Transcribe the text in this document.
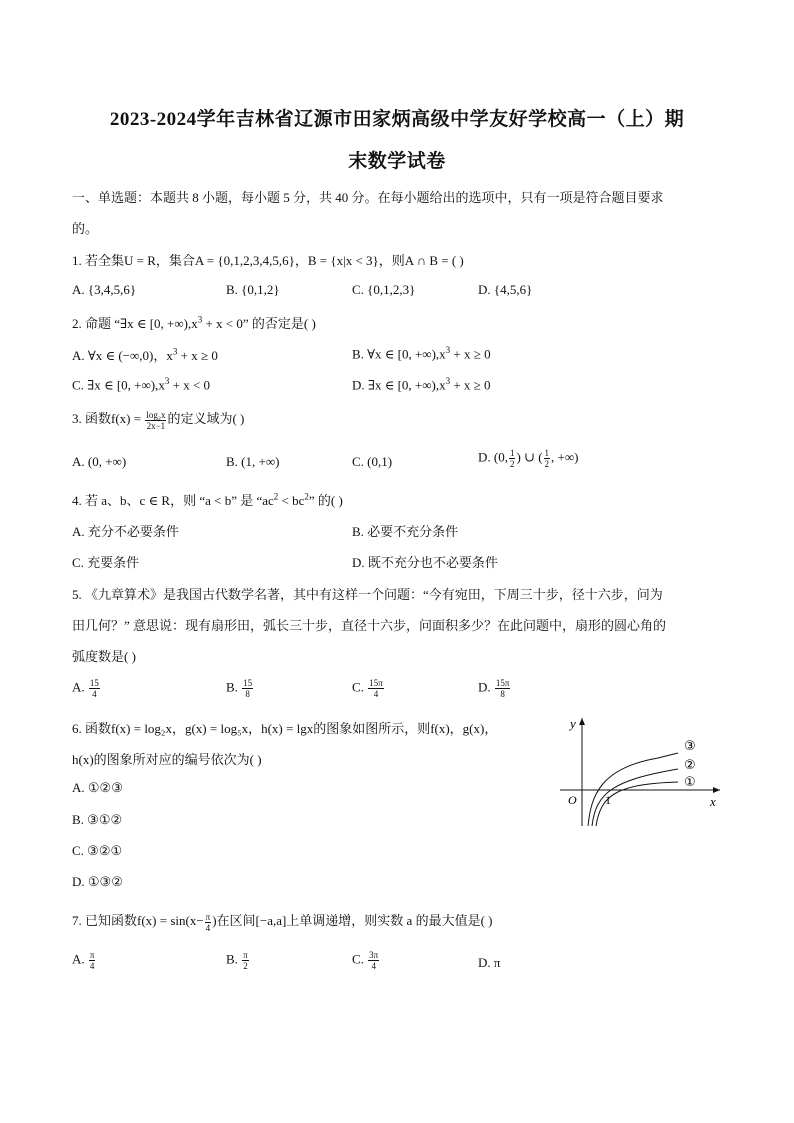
2023-2024学年吉林省辽源市田家炳高级中学友好学校高一（上）期
末数学试卷
一、单选题：本题共 8 小题，每小题 5 分，共 40 分。在每小题给出的选项中，只有一项是符合题目要求
的。
1. 若全集U = R，集合A = {0,1,2,3,4,5,6}，B = {x|x < 3}，则A ∩ B = ( )
A. {3,4,5,6}	B. {0,1,2}	C. {0,1,2,3}	D. {4,5,6}
2. 命题 “∃x ∈ [0, $+\infty),x^3 + x < 0$” 的否定是( )
A. ∀x ∈ (−∞,0)，$x^3 + x \ge 0$	B. ∀x ∈ [0, $+\infty),x^3 + x \ge 0$
C. ∃x ∈ [0, $+\infty),x^3 + x < 0$	D. ∃x ∈ [0, $+\infty),x^3 + x \ge 0$
3. 函数$f(x) = \frac{\text{log₂x}}{2x-1}$ 的定义域为( )
A. (0, +∞)	B. (1, +∞)	C. (0,1)	D. (0, $\frac{1}{2}$ ) ∪ ( $\frac{1}{2}$ , +∞)
4. 若 a、b、c ∈ R，则 “a < b” 是 “$ac^2 < bc^2$” 的( )
A. 充分不必要条件	B. 必要不充分条件
C. 充要条件	D. 既不充分也不必要条件
5. 《九章算术》是我国古代数学名著，其中有这样一个问题：“今有宛田，下周三十步，径十六步，问为
田几何？” 意思说：现有扇形田，弧长三十步，直径十六步，问面积多少？在此问题中，扇形的圆心角的
弧度数是( )
A. $\frac{15}{4}$	B. $\frac{15}{8}$	C. $\frac{15\pi}{4}$	D. $\frac{15\pi}{8}$
6. 函数f(x) = log₂x，g(x) = log₅x，h(x) = lgx的图象如图所示，则f(x)，g(x)，
h(x)的图象所对应的编号依次为( )
A. ①②③
B. ③①②
C. ③②①
D. ①③②
y
x
O 1
③
②
①
7. 已知函数$f(x) = \sin(x- \frac{\pi}{4}$ )在区间[−a,a]上单调递增，则实数 a 的最大值是( )
A. $\frac{\pi}{4}$	B. $\frac{\pi}{2}$	C. $\frac{3\pi}{4}$	D. π
